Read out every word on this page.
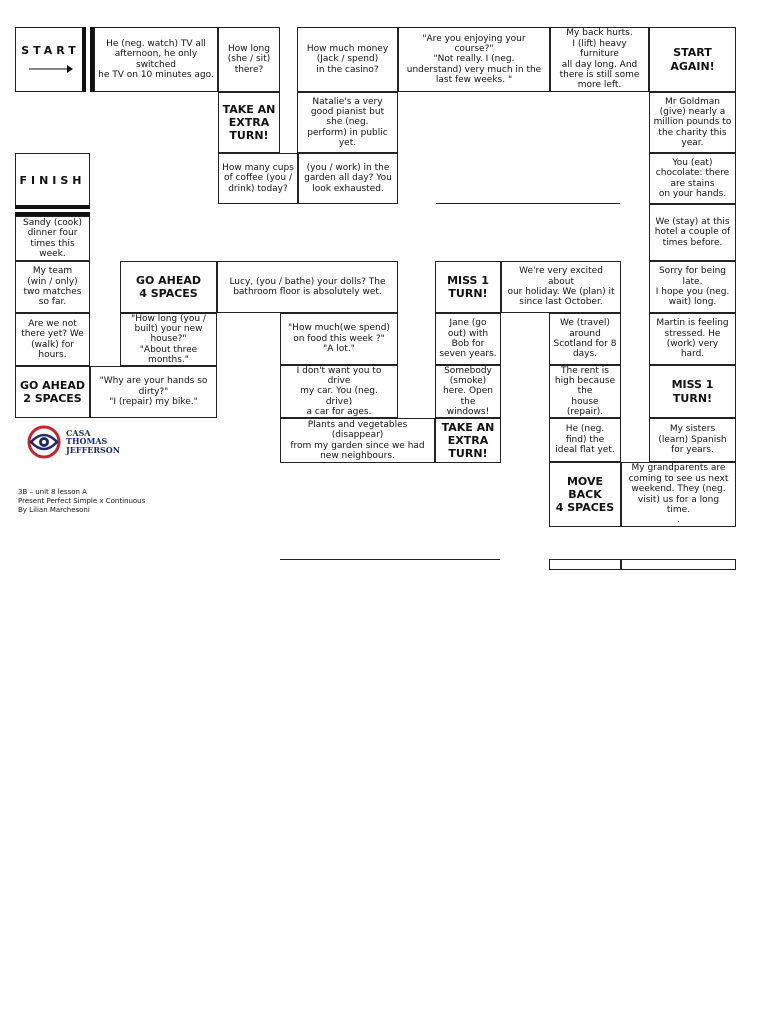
START
He (neg. watch) TV all
afternoon, he only
switched
he TV on 10 minutes ago.
How long
(she / sit)
there?
How much money
(Jack / spend)
in the casino?
"Are you enjoying your
course?"
"Not really. I (neg.
understand) very much in the
last few weeks. "
My back hurts.
I (lift) heavy
furniture
all day long. And
there is still some
more left.
START
AGAIN!
TAKE AN
EXTRA
TURN!
Natalie's a very
good pianist but
she (neg.
perform) in public
yet.
Mr Goldman
(give) nearly a
million pounds to
the charity this
year.
FINISH
How many cups
of coffee (you /
drink) today?
(you / work) in the
garden all day? You
look exhausted.
You (eat)
chocolate: there
are stains
on your hands.
Sandy (cook)
dinner four
times this
week.
We (stay) at this
hotel a couple of
times before.
My team
(win / only)
two matches
so far.
GO AHEAD
4 SPACES
Lucy, (you / bathe) your dolls? The
bathroom floor is absolutely wet.
MISS 1
TURN!
We're very excited
about
our holiday. We (plan) it
since last October.
Sorry for being
late.
I hope you (neg.
wait) long.
Are we not
there yet? We
(walk) for
hours.
"How long (you /
built) your new
house?"
"About three
months."
"How much(we spend)
on food this week ?"
"A lot."
Jane (go
out) with
Bob for
seven years.
We (travel)
around
Scotland for 8
days.
Martin is feeling
stressed. He
(work) very
hard.
GO AHEAD
2 SPACES
"Why are your hands so
dirty?"
"I (repair) my bike."
I don't want you to
drive
my car. You (neg.
drive)
a car for ages.
Somebody
(smoke)
here. Open
the
windows!
The rent is
high because
the
house
(repair).
MISS 1
TURN!
Plants and vegetables
(disappear)
from my garden since we had
new neighbours.
TAKE AN
EXTRA
TURN!
He (neg.
find) the
ideal flat yet.
My sisters
(learn) Spanish
for years.
MOVE
BACK
4 SPACES
My grandparents are
coming to see us next
weekend. They (neg.
visit) us for a long
time.
.
CASA
THOMAS
JEFFERSON
3B – unit 8 lesson A
Present Perfect Simple x Continuous
By Lilian Marchesoni
